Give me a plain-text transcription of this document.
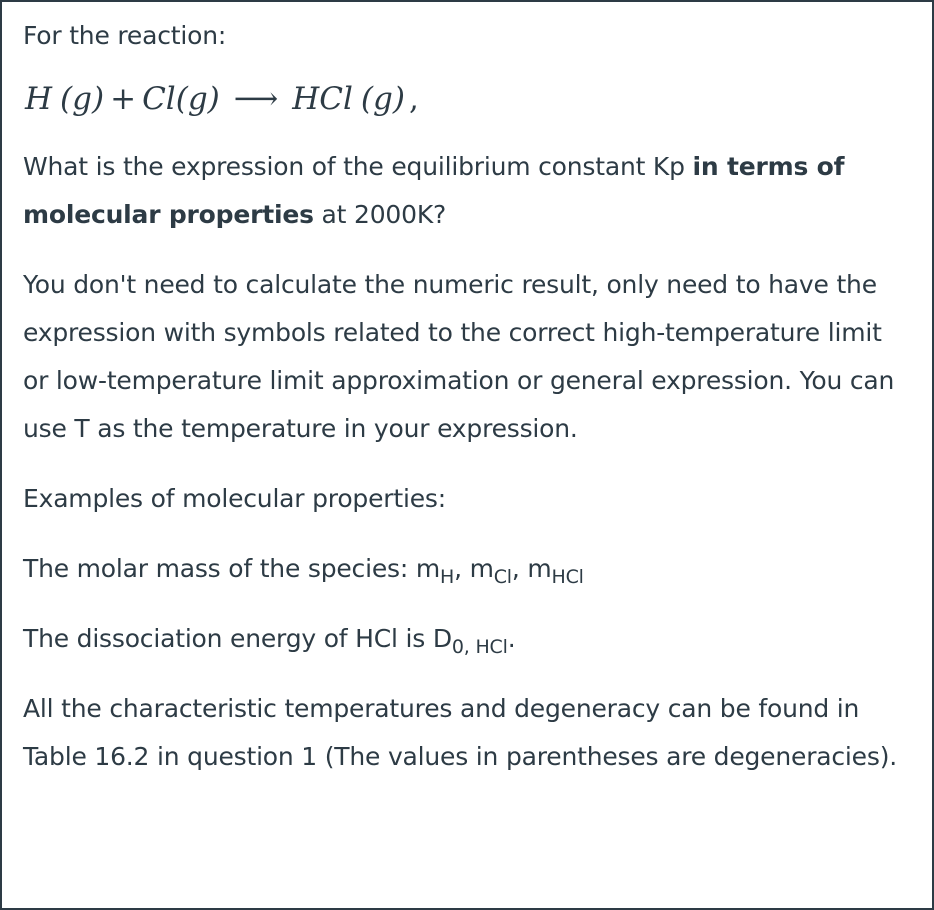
For the reaction:

H (g) + Cl(g) ⟶ HCl (g) ,

What is the expression of the equilibrium constant Kp in terms of molecular properties at 2000K?

You don't need to calculate the numeric result, only need to have the expression with symbols related to the correct high-temperature limit or low-temperature limit approximation or general expression. You can use T as the temperature in your expression.

Examples of molecular properties:

The molar mass of the species: $m_H$, $m_{Cl}$, $m_{HCl}$

The dissociation energy of HCl is $D_{0, HCl}$.

All the characteristic temperatures and degeneracy can be found in Table 16.2 in question 1 (The values in parentheses are degeneracies).
